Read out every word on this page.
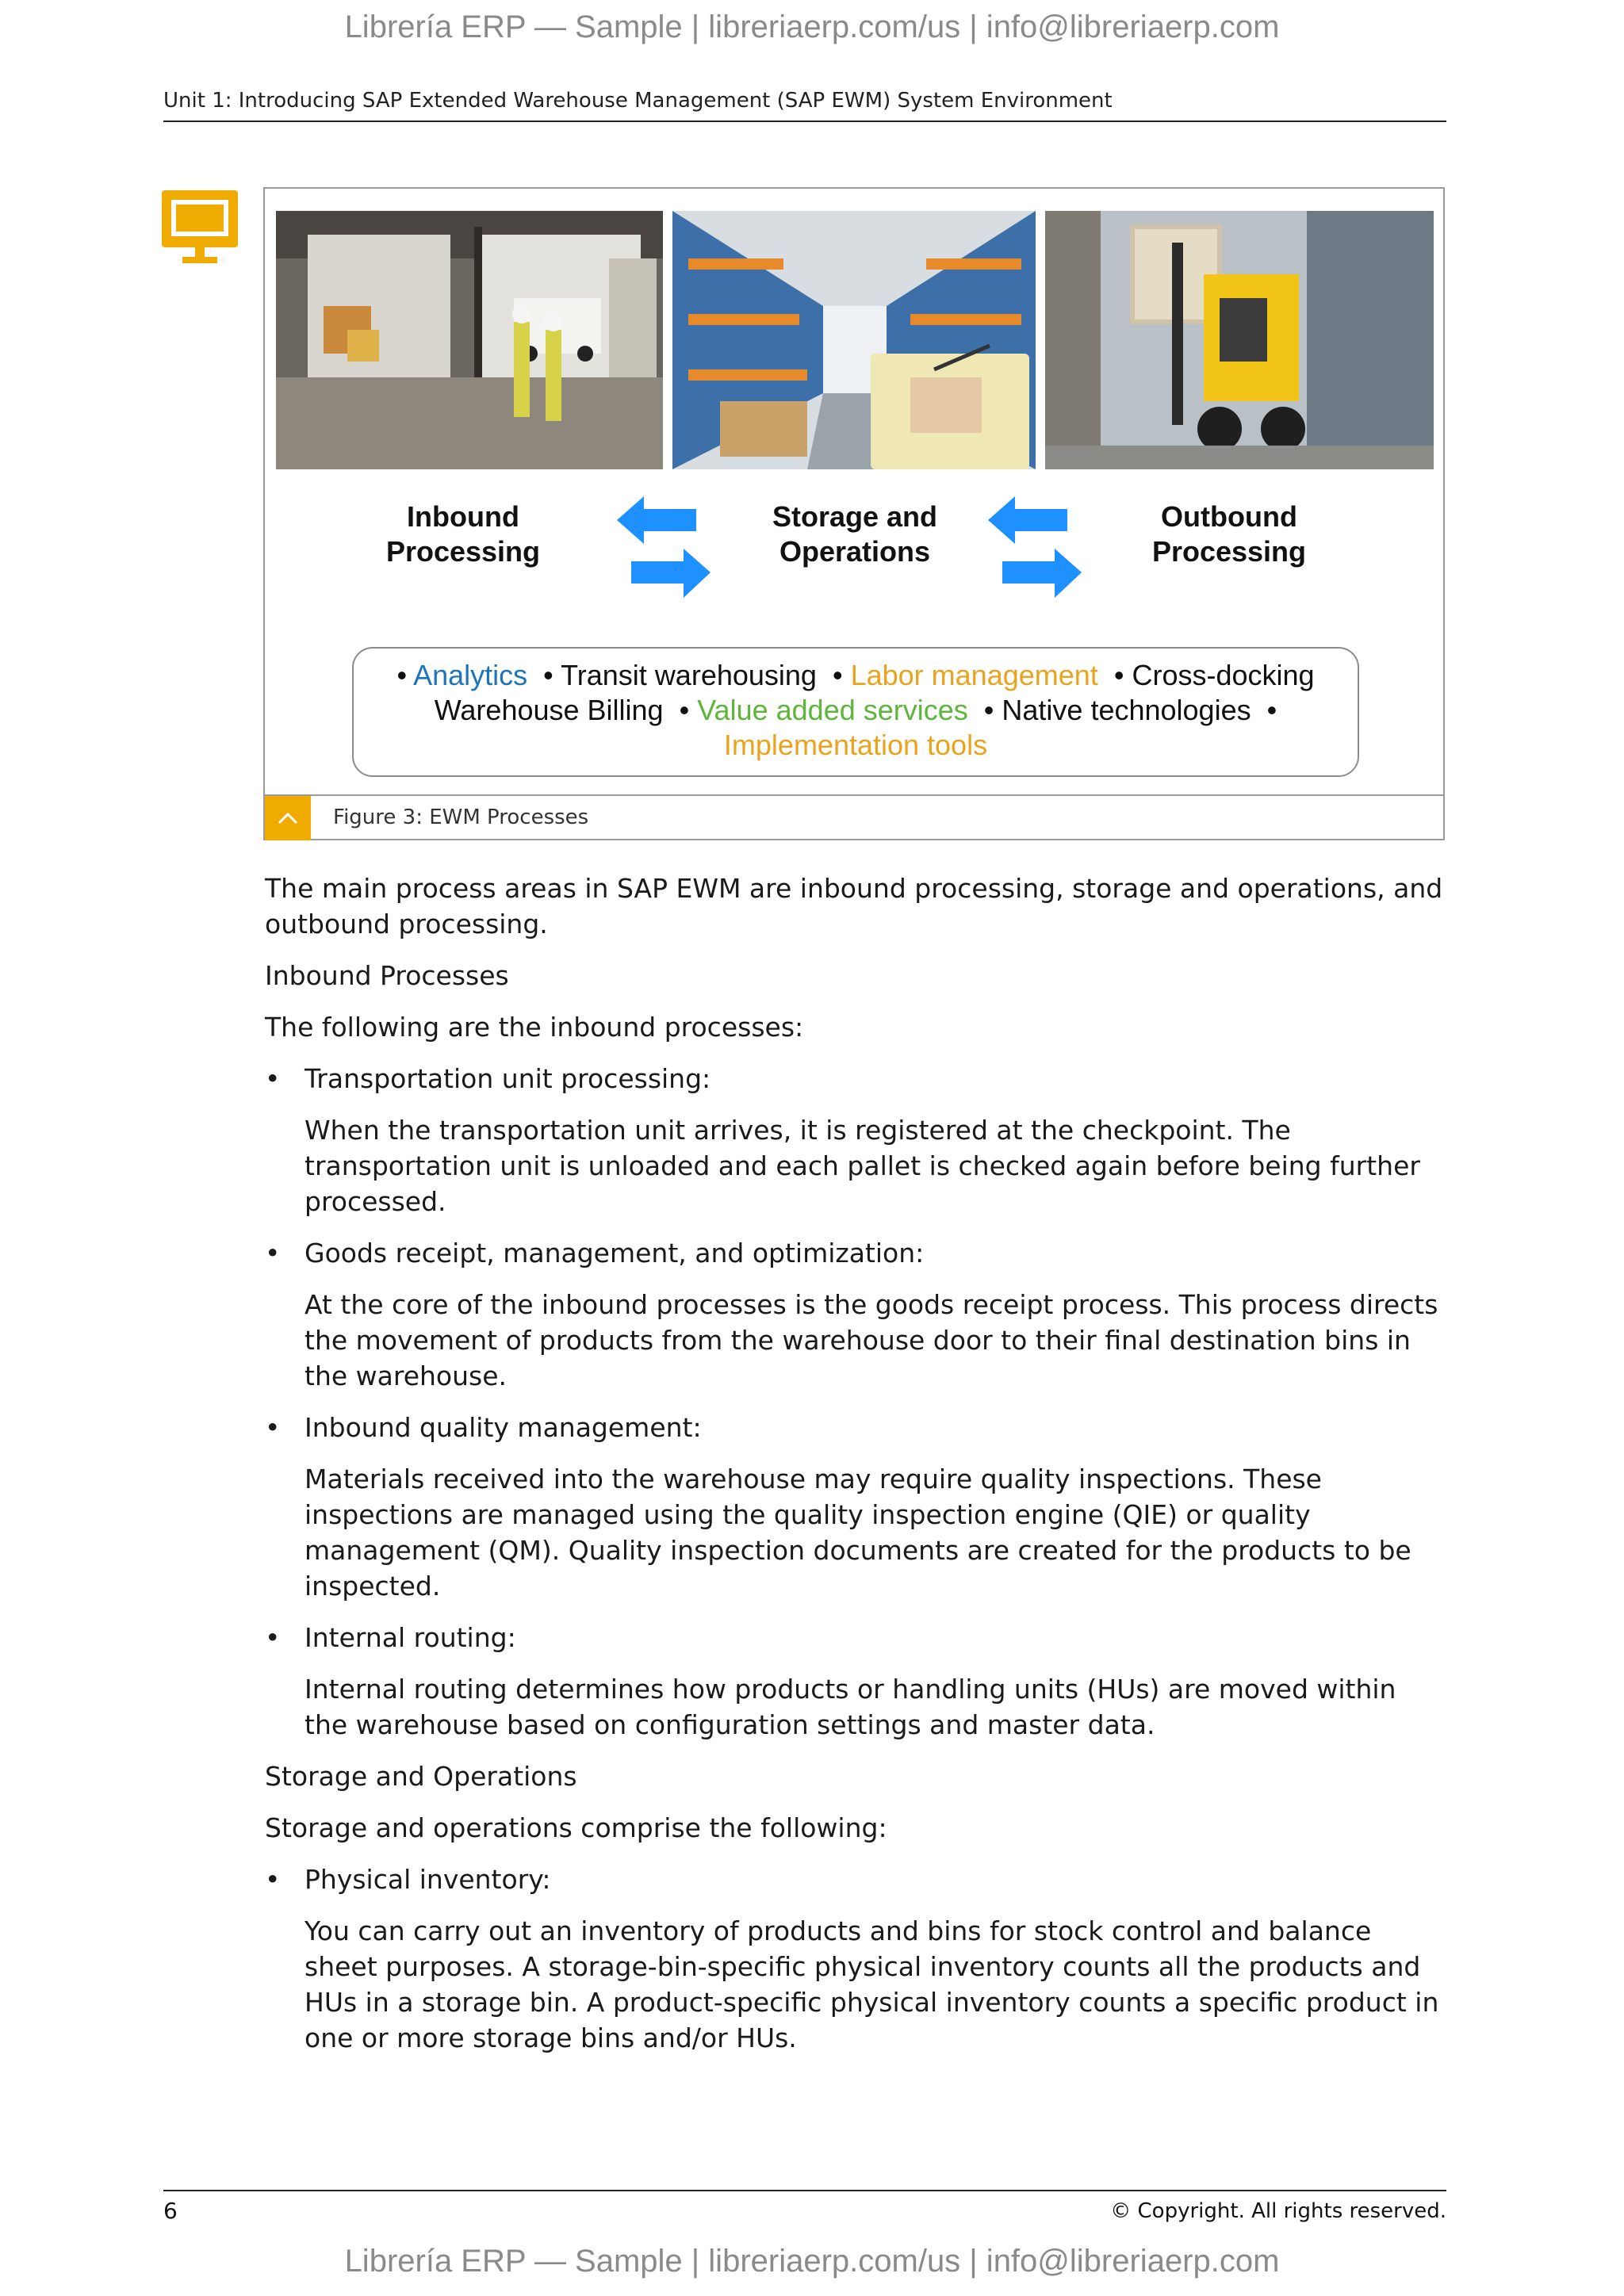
Librería ERP — Sample | libreriaerp.com/us | info@libreriaerp.com
Unit 1: Introducing SAP Extended Warehouse Management (SAP EWM) System Environment
Inbound
Processing
Storage and
Operations
Outbound
Processing
• Analytics • Transit warehousing • Labor management • Cross-docking
Warehouse Billing • Value added services • Native technologies •
Implementation tools
Figure 3: EWM Processes

The main process areas in SAP EWM are inbound processing, storage and operations, and outbound processing.

Inbound Processes

The following are the inbound processes:

• Transportation unit processing:
When the transportation unit arrives, it is registered at the checkpoint. The transportation unit is unloaded and each pallet is checked again before being further processed.
• Goods receipt, management, and optimization:
At the core of the inbound processes is the goods receipt process. This process directs the movement of products from the warehouse door to their final destination bins in the warehouse.
• Inbound quality management:
Materials received into the warehouse may require quality inspections. These inspections are managed using the quality inspection engine (QIE) or quality management (QM). Quality inspection documents are created for the products to be inspected.
• Internal routing:
Internal routing determines how products or handling units (HUs) are moved within the warehouse based on configuration settings and master data.
Storage and Operations

Storage and operations comprise the following:

• Physical inventory:
You can carry out an inventory of products and bins for stock control and balance sheet purposes. A storage-bin-specific physical inventory counts all the products and HUs in a storage bin. A product-specific physical inventory counts a specific product in one or more storage bins and/or HUs.
6	© Copyright. All rights reserved.
Librería ERP — Sample | libreriaerp.com/us | info@libreriaerp.com
